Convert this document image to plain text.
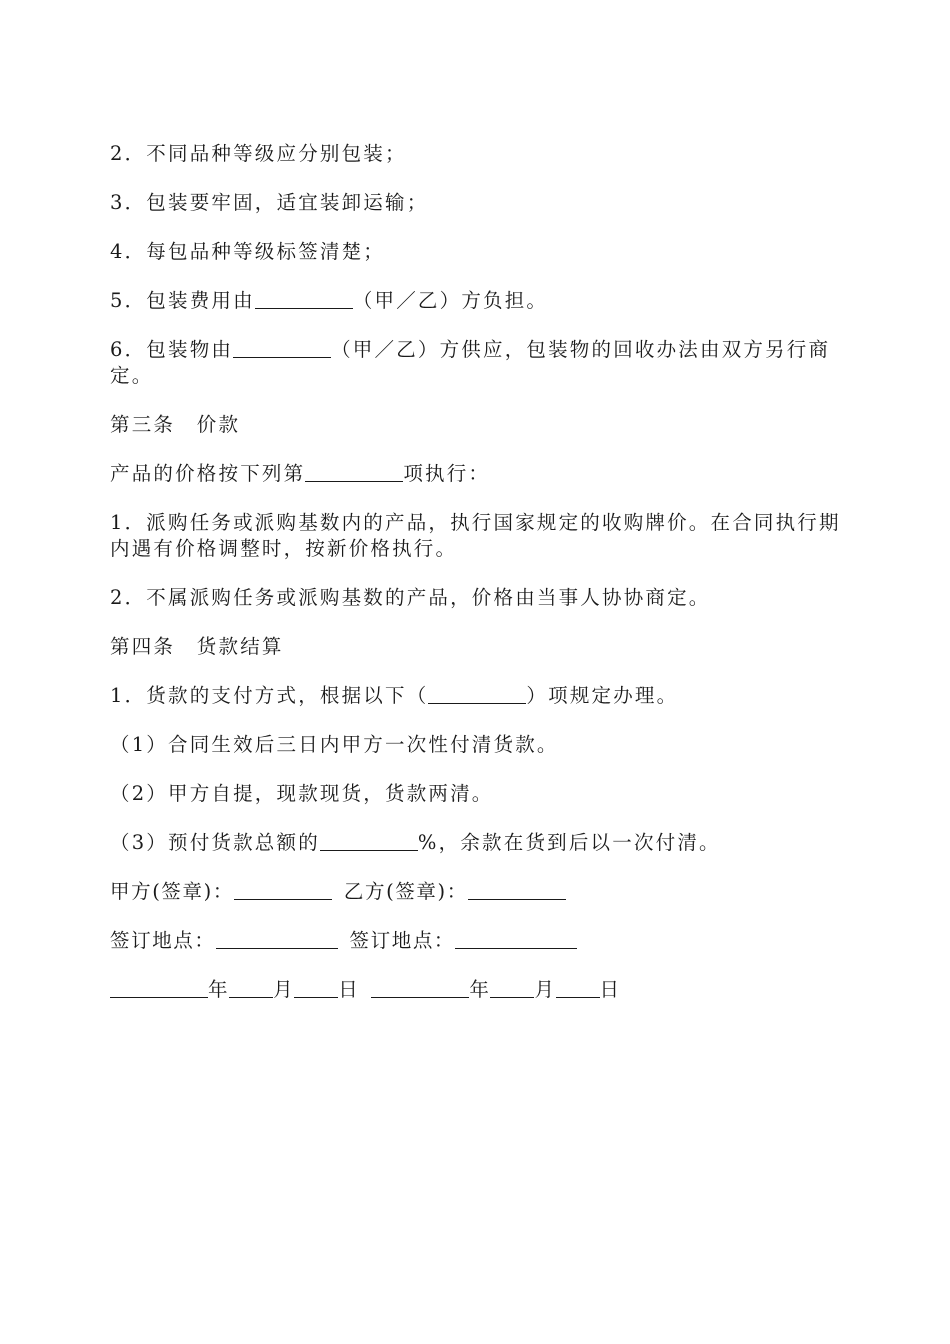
2．不同品种等级应分别包装；

3．包装要牢固，适宜装卸运输；

4．每包品种等级标签清楚；

5．包装费用由	（甲／乙）方负担。

6．包装物由	（甲／乙）方供应，包装物的回收办法由双方另行商定。

第三条　价款

产品的价格按下列第	项执行：

1．派购任务或派购基数内的产品，执行国家规定的收购牌价。在合同执行期内遇有价格调整时，按新价格执行。

2．不属派购任务或派购基数的产品，价格由当事人协协商定。

第四条　货款结算

1．货款的支付方式，根据以下（	）项规定办理。

（1）合同生效后三日内甲方一次性付清货款。

（2）甲方自提，现款现货，货款两清。

（3）预付货款总额的	%，余款在货到后以一次付清。

甲方(签章)：	乙方(签章)：

签订地点：	签订地点：

年 月 日	年 月 日
